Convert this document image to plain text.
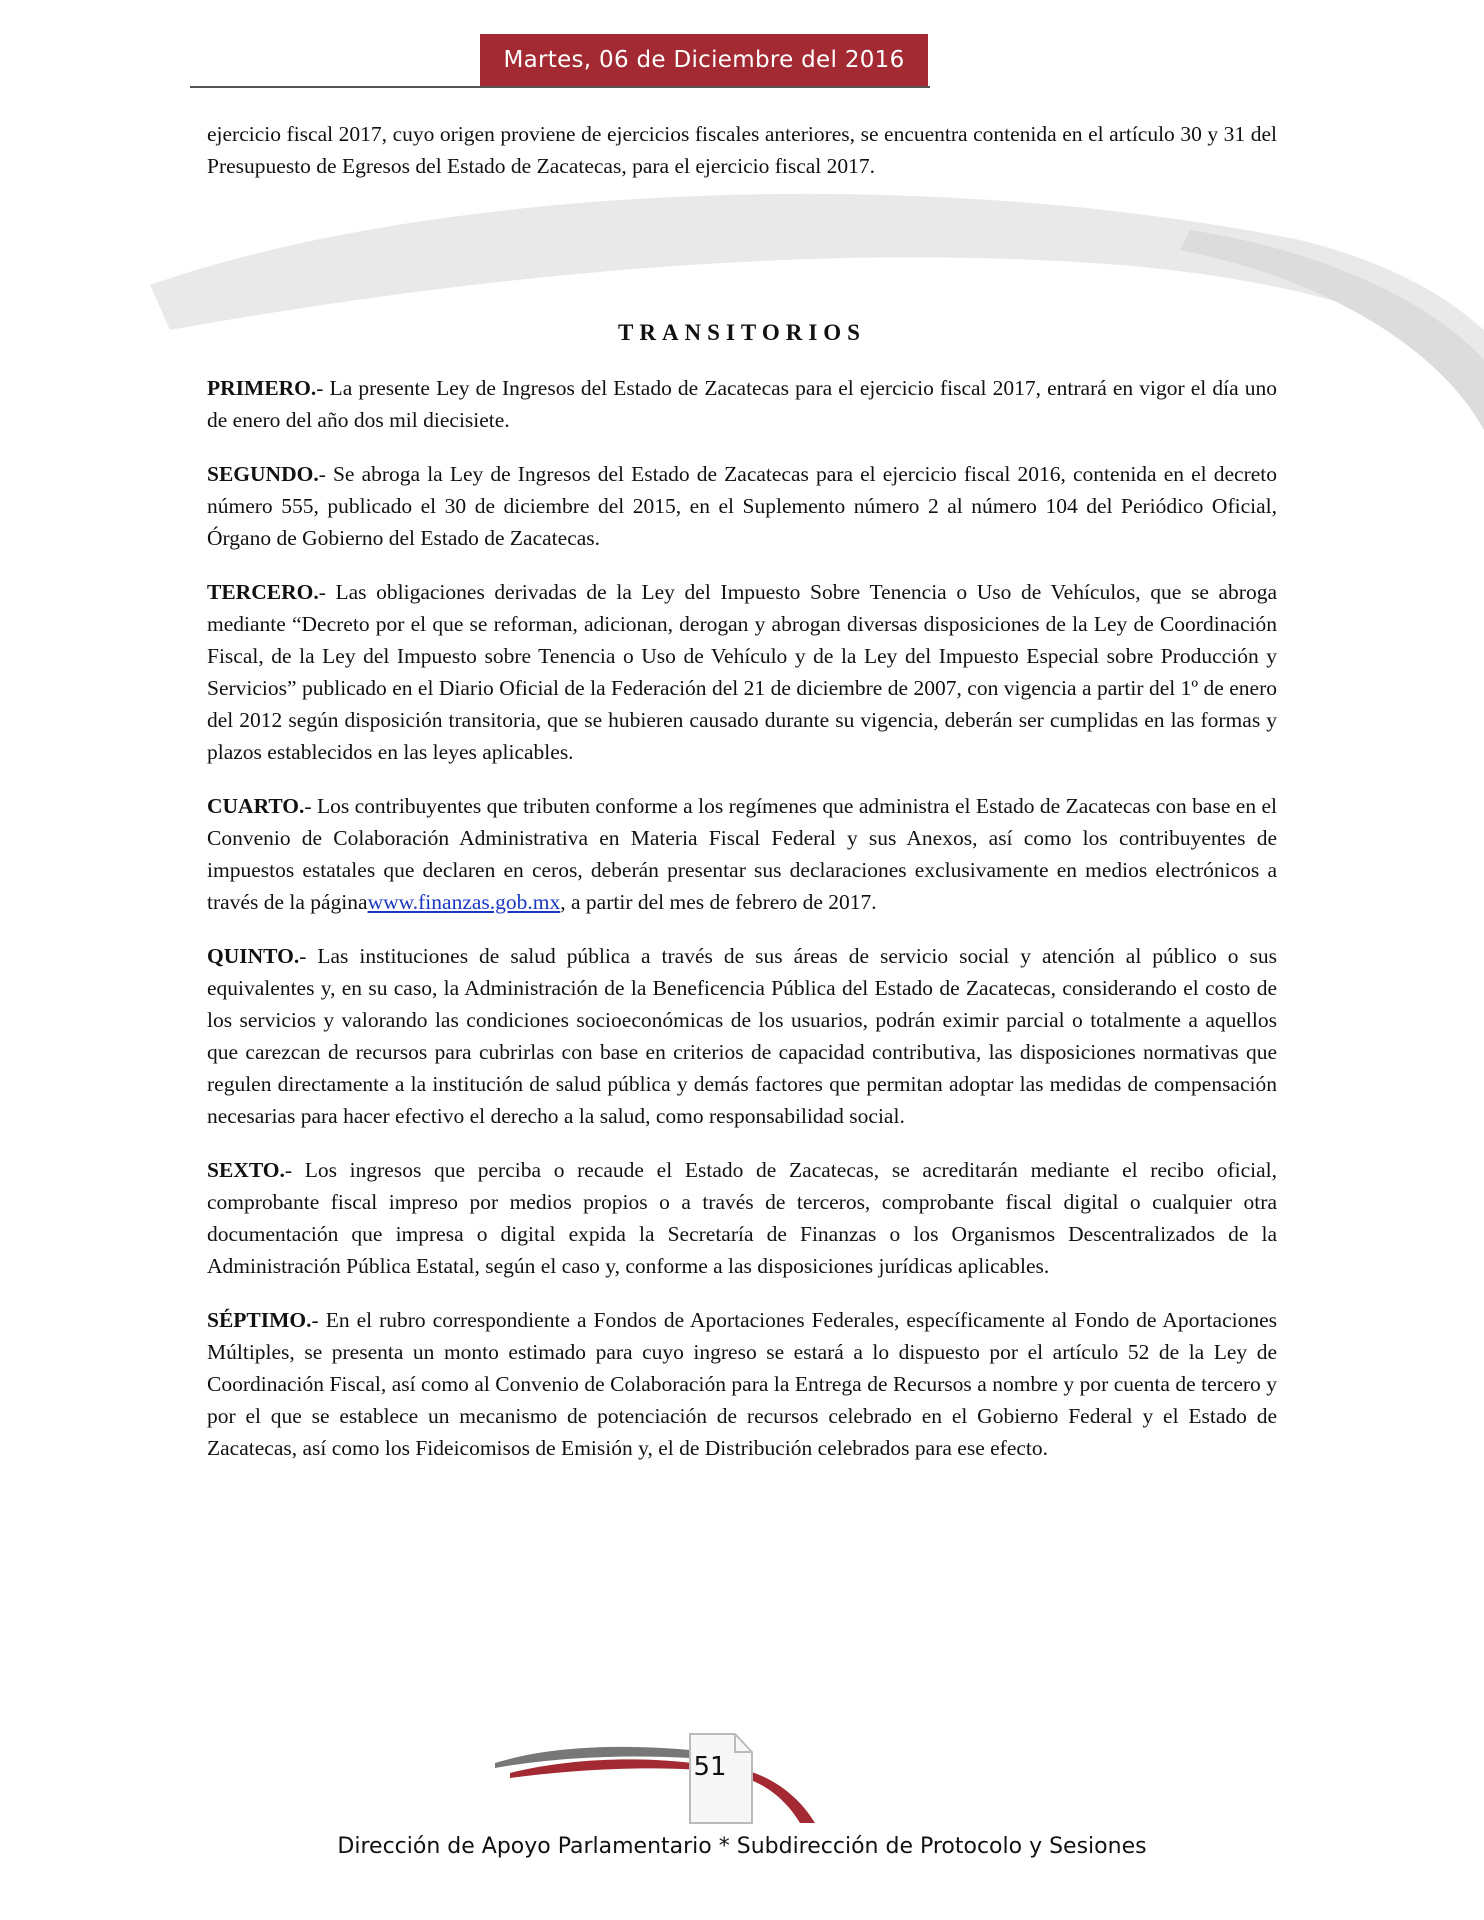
Martes, 06 de Diciembre del 2016
TRANSITORIOS

ejercicio fiscal 2017, cuyo origen proviene de ejercicios fiscales anteriores, se encuentra contenida en el artículo 30 y 31 del Presupuesto de Egresos del Estado de Zacatecas, para el ejercicio fiscal 2017.

PRIMERO.- La presente Ley de Ingresos del Estado de Zacatecas para el ejercicio fiscal 2017, entrará en vigor el día uno de enero del año dos mil diecisiete.

SEGUNDO.- Se abroga la Ley de Ingresos del Estado de Zacatecas para el ejercicio fiscal 2016, contenida en el decreto número 555, publicado el 30 de diciembre del 2015, en el Suplemento número 2 al número 104 del Periódico Oficial, Órgano de Gobierno del Estado de Zacatecas.

TERCERO.- Las obligaciones derivadas de la Ley del Impuesto Sobre Tenencia o Uso de Vehículos, que se abroga mediante “Decreto por el que se reforman, adicionan, derogan y abrogan diversas disposiciones de la Ley de Coordinación Fiscal, de la Ley del Impuesto sobre Tenencia o Uso de Vehículo y de la Ley del Impuesto Especial sobre Producción y Servicios” publicado en el Diario Oficial de la Federación del 21 de diciembre de 2007, con vigencia a partir del 1º de enero del 2012 según disposición transitoria, que se hubieren causado durante su vigencia, deberán ser cumplidas en las formas y plazos establecidos en las leyes aplicables.

CUARTO.- Los contribuyentes que tributen conforme a los regímenes que administra el Estado de Zacatecas con base en el Convenio de Colaboración Administrativa en Materia Fiscal Federal y sus Anexos, así como los contribuyentes de impuestos estatales que declaren en ceros, deberán presentar sus declaraciones exclusivamente en medios electrónicos a través de la páginawww.finanzas.gob.mx, a partir del mes de febrero de 2017.

QUINTO.- Las instituciones de salud pública a través de sus áreas de servicio social y atención al público o sus equivalentes y, en su caso, la Administración de la Beneficencia Pública del Estado de Zacatecas, considerando el costo de los servicios y valorando las condiciones socioeconómicas de los usuarios, podrán eximir parcial o totalmente a aquellos que carezcan de recursos para cubrirlas con base en criterios de capacidad contributiva, las disposiciones normativas que regulen directamente a la institución de salud pública y demás factores que permitan adoptar las medidas de compensación necesarias para hacer efectivo el derecho a la salud, como responsabilidad social.

SEXTO.- Los ingresos que perciba o recaude el Estado de Zacatecas, se acreditarán mediante el recibo oficial, comprobante fiscal impreso por medios propios o a través de terceros, comprobante fiscal digital o cualquier otra documentación que impresa o digital expida la Secretaría de Finanzas o los Organismos Descentralizados de la Administración Pública Estatal, según el caso y, conforme a las disposiciones jurídicas aplicables.

SÉPTIMO.- En el rubro correspondiente a Fondos de Aportaciones Federales, específicamente al Fondo de Aportaciones Múltiples, se presenta un monto estimado para cuyo ingreso se estará a lo dispuesto por el artículo 52 de la Ley de Coordinación Fiscal, así como al Convenio de Colaboración para la Entrega de Recursos a nombre y por cuenta de tercero y por el que se establece un mecanismo de potenciación de recursos celebrado en el Gobierno Federal y el Estado de Zacatecas, así como los Fideicomisos de Emisión y, el de Distribución celebrados para ese efecto.

51
Dirección de Apoyo Parlamentario * Subdirección de Protocolo y Sesiones
